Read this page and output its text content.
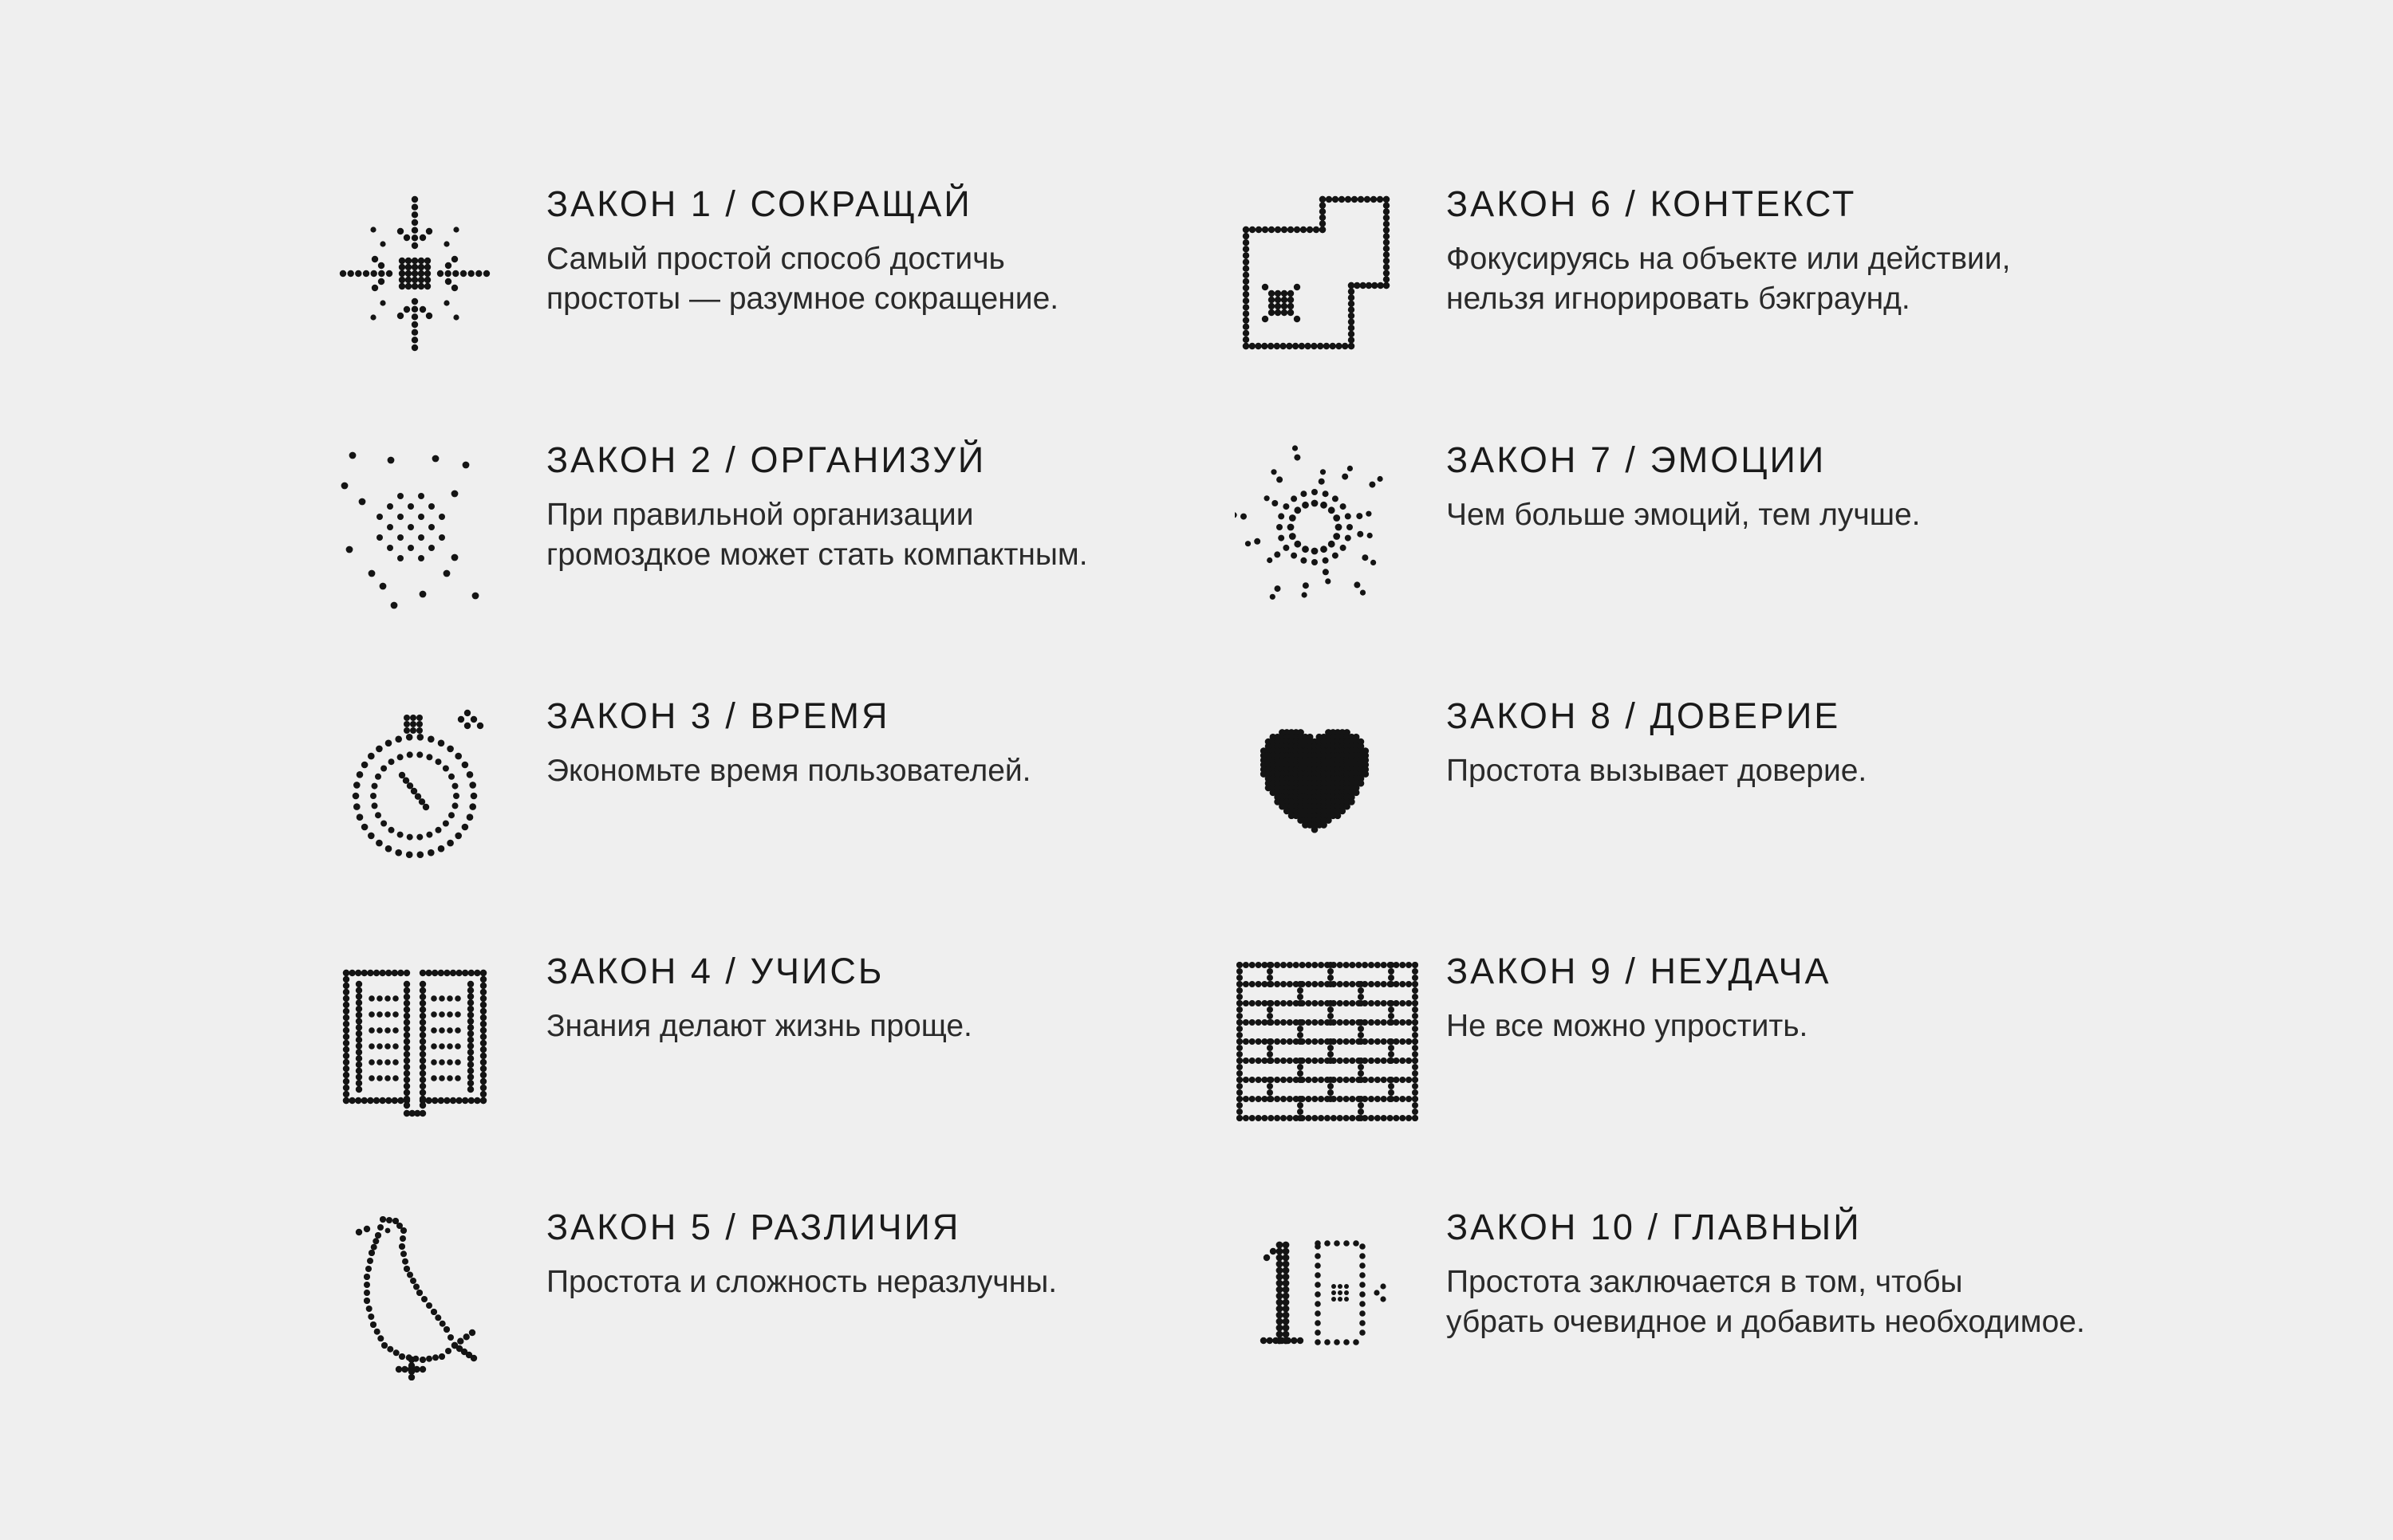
ЗАКОН 1 / СОКРАЩАЙ

Самый простой способ достичь
простоты — разумное сокращение.

ЗАКОН 2 / ОРГАНИЗУЙ

При правильной организации
громоздкое может стать компактным.

ЗАКОН 3 / ВРЕМЯ

Экономьте время пользователей.

ЗАКОН 4 / УЧИСЬ

Знания делают жизнь проще.

ЗАКОН 5 / РАЗЛИЧИЯ

Простота и сложность неразлучны.

ЗАКОН 6 / КОНТЕКСТ

Фокусируясь на объекте или действии,
нельзя игнорировать бэкграунд.

ЗАКОН 7 / ЭМОЦИИ

Чем больше эмоций, тем лучше.

ЗАКОН 8 / ДОВЕРИЕ

Простота вызывает доверие.

ЗАКОН 9 / НЕУДАЧА

Не все можно упростить.

ЗАКОН 10 / ГЛАВНЫЙ

Простота заключается в том, чтобы
убрать очевидное и добавить необходимое.
